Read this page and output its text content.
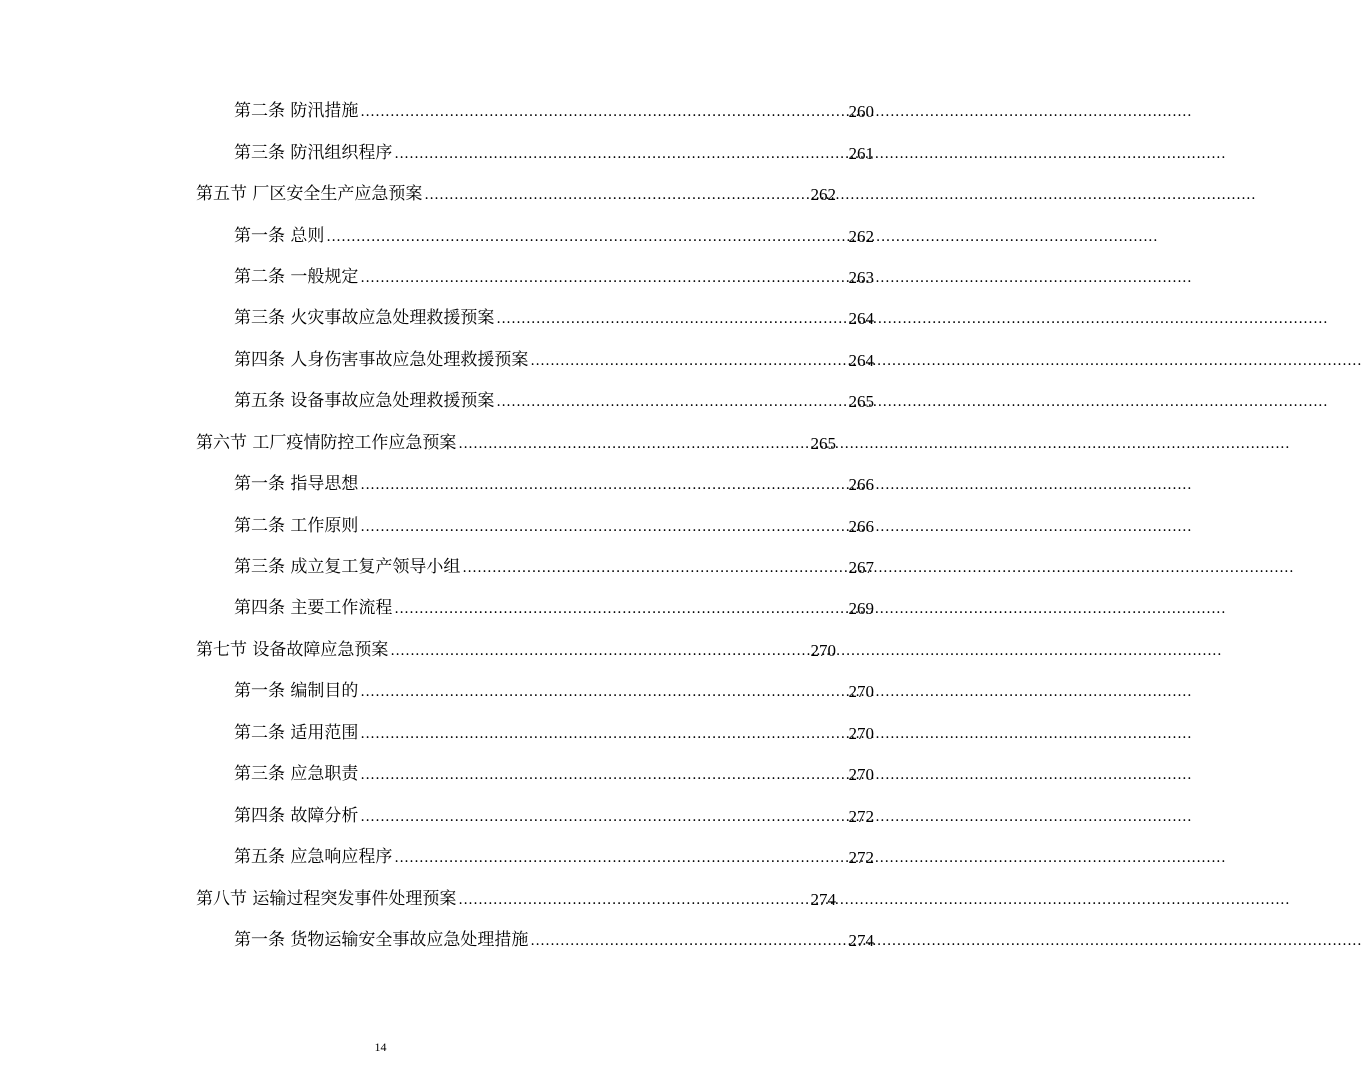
第二条 防汛措施 .....	260
第三条 防汛组织程序 .....	261
第五节 厂区安全生产应急预案 .....	262
第一条 总则 .....	262
第二条 一般规定 .....	263
第三条 火灾事故应急处理救援预案 .....	264
第四条 人身伤害事故应急处理救援预案 .....	264
第五条 设备事故应急处理救援预案 .....	265
第六节 工厂疫情防控工作应急预案 .....	265
第一条 指导思想 .....	266
第二条 工作原则 .....	266
第三条 成立复工复产领导小组 .....	267
第四条 主要工作流程 .....	269
第七节 设备故障应急预案 .....	270
第一条 编制目的 .....	270
第二条 适用范围 .....	270
第三条 应急职责 .....	270
第四条 故障分析 .....	272
第五条 应急响应程序 .....	272
第八节 运输过程突发事件处理预案 .....	274
第一条 货物运输安全事故应急处理措施 .....	274
14
